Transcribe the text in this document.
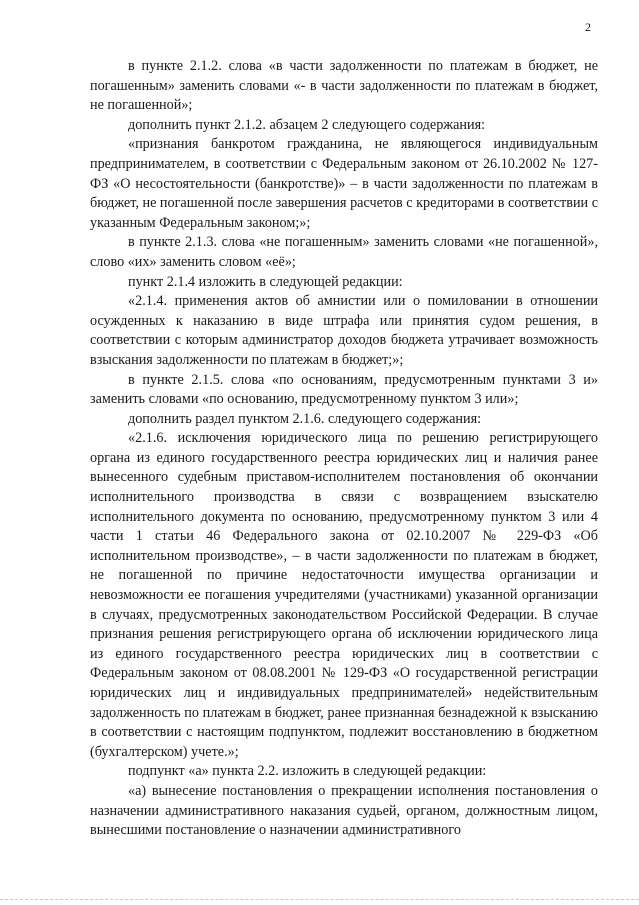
2

в пункте 2.1.2. слова «в части задолженности по платежам в бюджет, не погашенным» заменить словами «- в части задолженности по платежам в бюджет, не погашенной»;

дополнить пункт 2.1.2. абзацем 2 следующего содержания:

«признания банкротом гражданина, не являющегося индивидуальным предпринимателем, в соответствии с Федеральным законом от 26.10.2002 № 127-ФЗ «О несостоятельности (банкротстве)» – в части задолженности по платежам в бюджет, не погашенной после завершения расчетов с кредиторами в соответствии с указанным Федеральным законом;»;

в пункте 2.1.3. слова «не погашенным» заменить словами «не погашенной», слово «их» заменить словом «её»;

пункт 2.1.4 изложить в следующей редакции:

«2.1.4. применения актов об амнистии или о помиловании в отношении осужденных к наказанию в виде штрафа или принятия судом решения, в соответствии с которым администратор доходов бюджета утрачивает возможность взыскания задолженности по платежам в бюджет;»;

в пункте 2.1.5. слова «по основаниям, предусмотренным пунктами 3 и» заменить словами «по основанию, предусмотренному пунктом 3 или»;

дополнить раздел пунктом 2.1.6. следующего содержания:

«2.1.6. исключения юридического лица по решению регистрирующего органа из единого государственного реестра юридических лиц и наличия ранее вынесенного судебным приставом-исполнителем постановления об окончании исполнительного производства в связи с возвращением взыскателю исполнительного документа по основанию, предусмотренному пунктом 3 или 4 части 1 статьи 46 Федерального закона от 02.10.2007 № 229-ФЗ «Об исполнительном производстве», – в части задолженности по платежам в бюджет, не погашенной по причине недостаточности имущества организации и невозможности ее погашения учредителями (участниками) указанной организации в случаях, предусмотренных законодательством Российской Федерации. В случае признания решения регистрирующего органа об исключении юридического лица из единого государственного реестра юридических лиц в соответствии с Федеральным законом от 08.08.2001 № 129-ФЗ «О государственной регистрации юридических лиц и индивидуальных предпринимателей» недействительным задолженность по платежам в бюджет, ранее признанная безнадежной к взысканию в соответствии с настоящим подпунктом, подлежит восстановлению в бюджетном (бухгалтерском) учете.»;

подпункт «а» пункта 2.2. изложить в следующей редакции:

«а) вынесение постановления о прекращении исполнения постановления о назначении административного наказания судьей, органом, должностным лицом, вынесшими постановление о назначении административного
